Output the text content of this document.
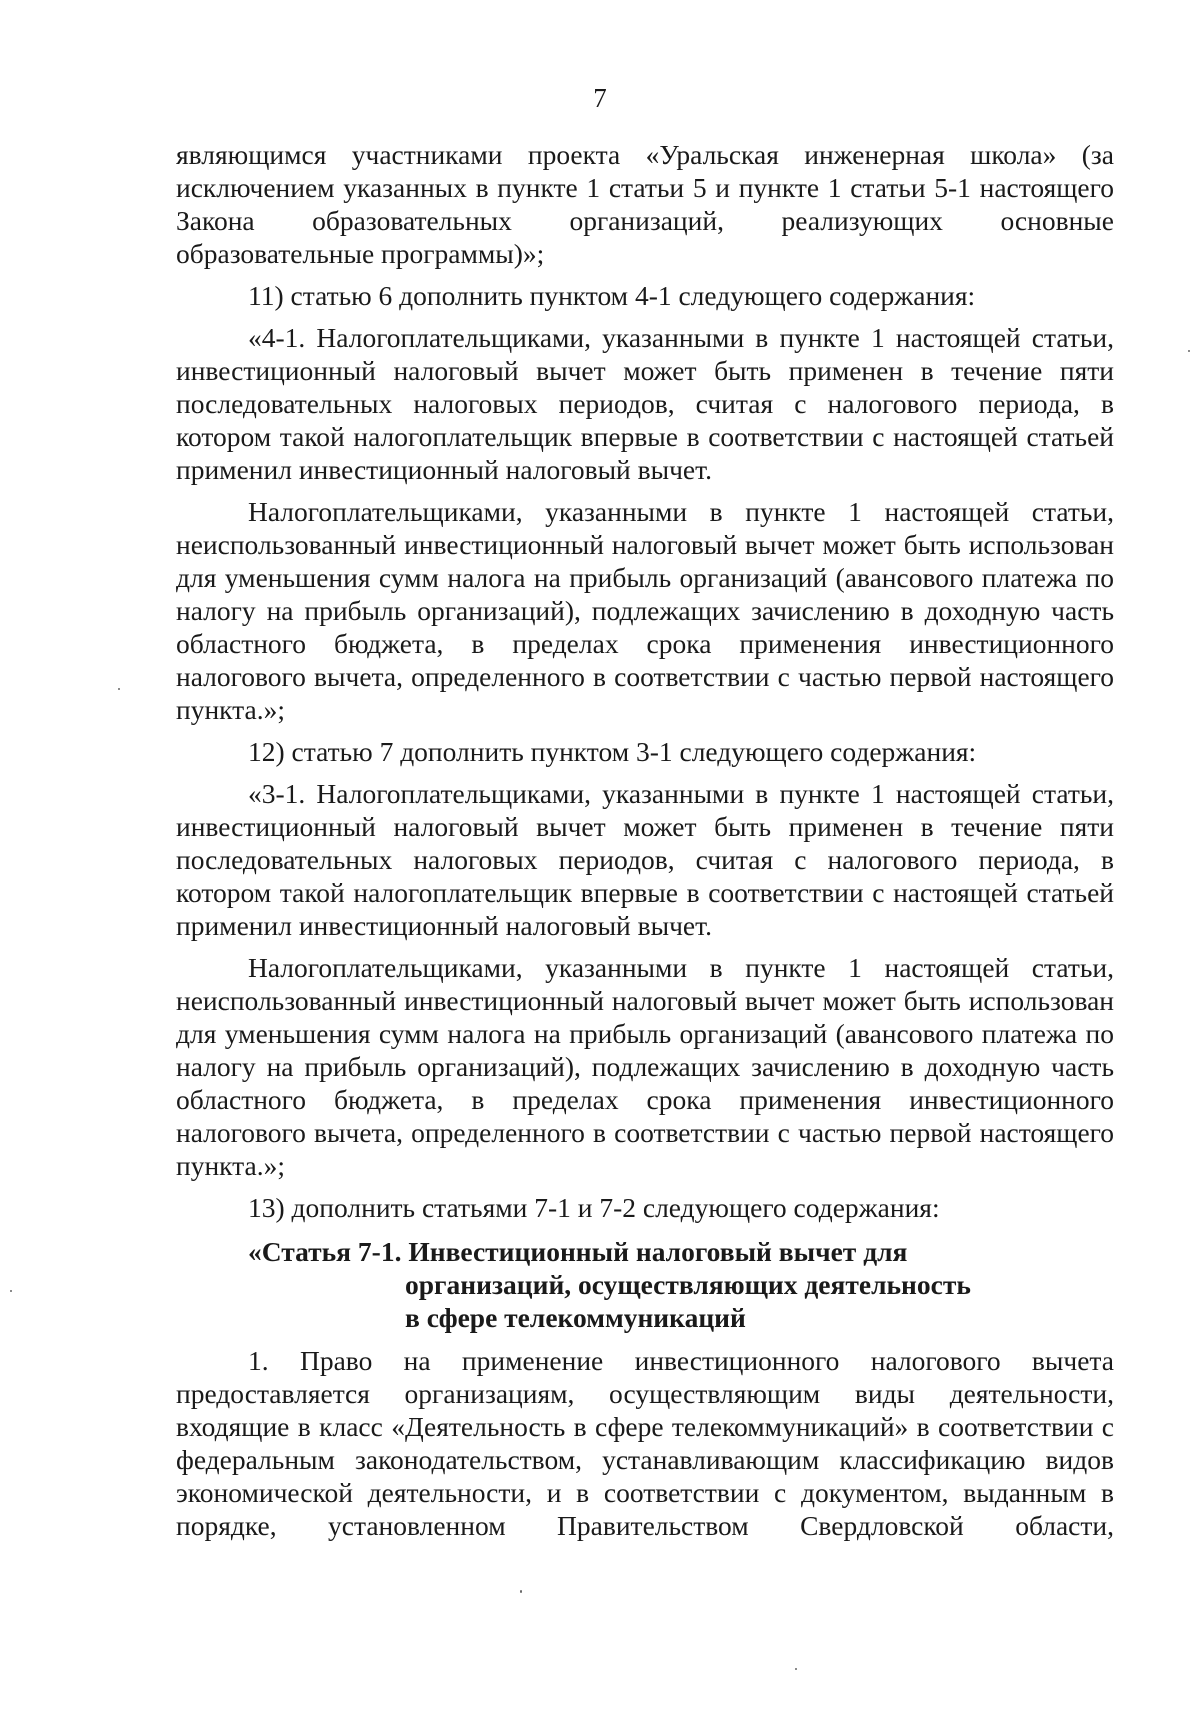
7

являющимся участниками проекта «Уральская инженерная школа» (за исключением указанных в пункте 1 статьи 5 и пункте 1 статьи 5-1 настоящего Закона образовательных организаций, реализующих основные образовательные программы)»;

11) статью 6 дополнить пунктом 4-1 следующего содержания:

«4-1. Налогоплательщиками, указанными в пункте 1 настоящей статьи, инвестиционный налоговый вычет может быть применен в течение пяти последовательных налоговых периодов, считая с налогового периода, в котором такой налогоплательщик впервые в соответствии с настоящей статьей применил инвестиционный налоговый вычет.

Налогоплательщиками, указанными в пункте 1 настоящей статьи, неиспользованный инвестиционный налоговый вычет может быть использован для уменьшения сумм налога на прибыль организаций (авансового платежа по налогу на прибыль организаций), подлежащих зачислению в доходную часть областного бюджета, в пределах срока применения инвестиционного налогового вычета, определенного в соответствии с частью первой настоящего пункта.»;

12) статью 7 дополнить пунктом 3-1 следующего содержания:

«3-1. Налогоплательщиками, указанными в пункте 1 настоящей статьи, инвестиционный налоговый вычет может быть применен в течение пяти последовательных налоговых периодов, считая с налогового периода, в котором такой налогоплательщик впервые в соответствии с настоящей статьей применил инвестиционный налоговый вычет.

Налогоплательщиками, указанными в пункте 1 настоящей статьи, неиспользованный инвестиционный налоговый вычет может быть использован для уменьшения сумм налога на прибыль организаций (авансового платежа по налогу на прибыль организаций), подлежащих зачислению в доходную часть областного бюджета, в пределах срока применения инвестиционного налогового вычета, определенного в соответствии с частью первой настоящего пункта.»;

13) дополнить статьями 7-1 и 7-2 следующего содержания:

«Статья 7-1. Инвестиционный налоговый вычет для
организаций, осуществляющих деятельность
в сфере телекоммуникаций

1. Право на применение инвестиционного налогового вычета предоставляется организациям, осуществляющим виды деятельности, входящие в класс «Деятельность в сфере телекоммуникаций» в соответствии с федеральным законодательством, устанавливающим классификацию видов экономической деятельности, и в соответствии с документом, выданным в порядке, установленном Правительством Свердловской области,
